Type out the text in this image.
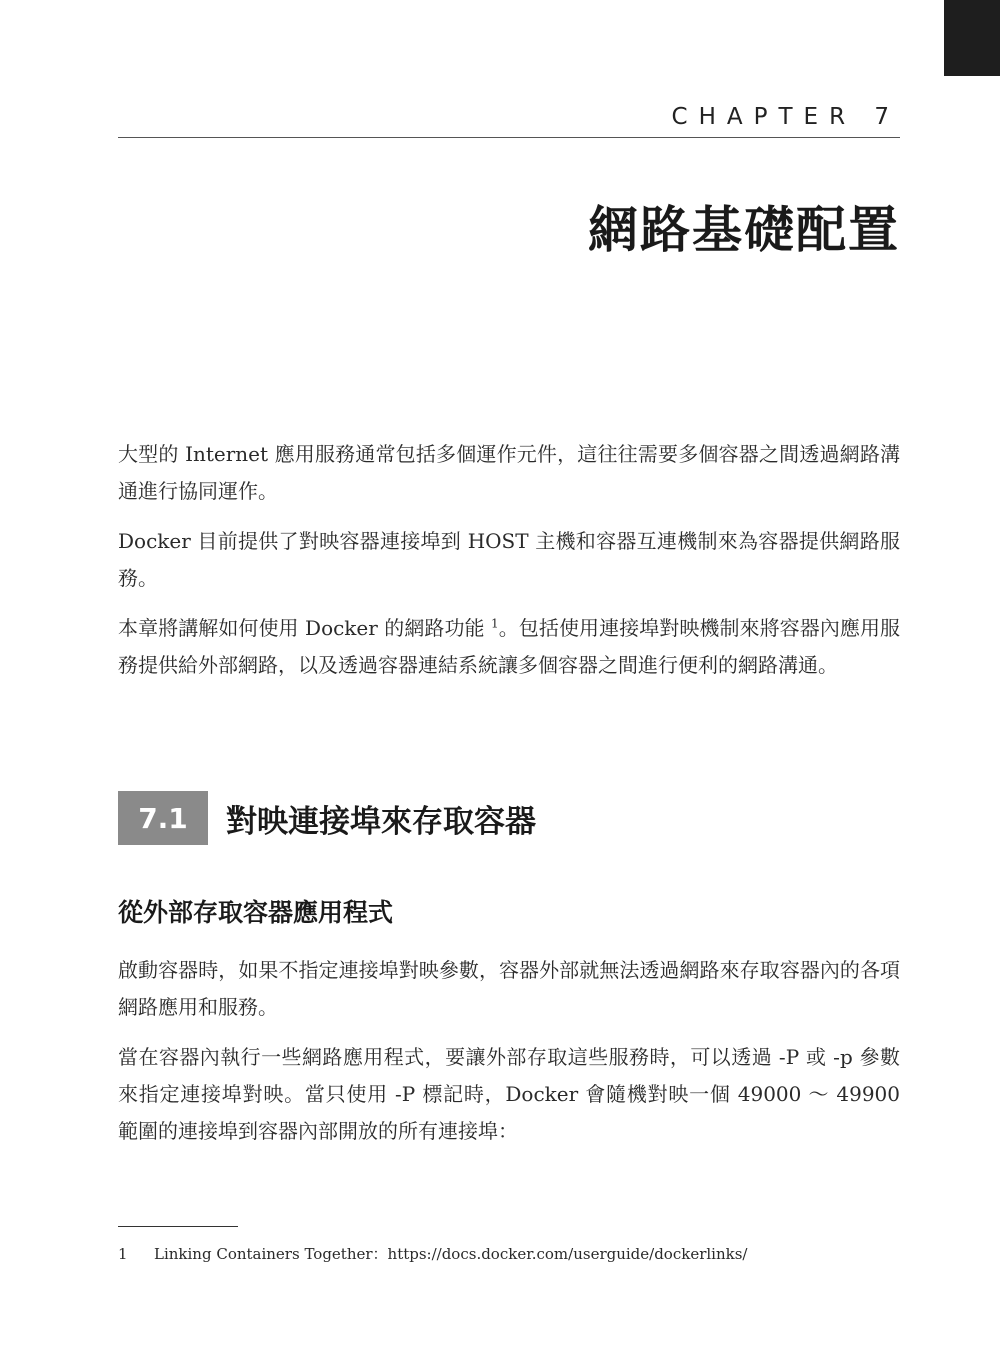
CHAPTER 7
網路基礎配置

大型的 Internet 應用服務通常包括多個運作元件，這往往需要多個容器之間透過網路溝通進行協同運作。

Docker 目前提供了對映容器連接埠到 HOST 主機和容器互連機制來為容器提供網路服務。

本章將講解如何使用 Docker 的網路功能 $^1$。包括使用連接埠對映機制來將容器內應用服務提供給外部網路，以及透過容器連結系統讓多個容器之間進行便利的網路溝通。

7.1	對映連接埠來存取容器
從外部存取容器應用程式

啟動容器時，如果不指定連接埠對映參數，容器外部就無法透過網路來存取容器內的各項網路應用和服務。

當在容器內執行一些網路應用程式，要讓外部存取這些服務時，可以透過 -P 或 -p 參數來指定連接埠對映。當只使用 -P 標記時，Docker 會隨機對映一個 49000 ～ 49900 範圍的連接埠到容器內部開放的所有連接埠：

1 Linking Containers Together：https://docs.docker.com/userguide/dockerlinks/
